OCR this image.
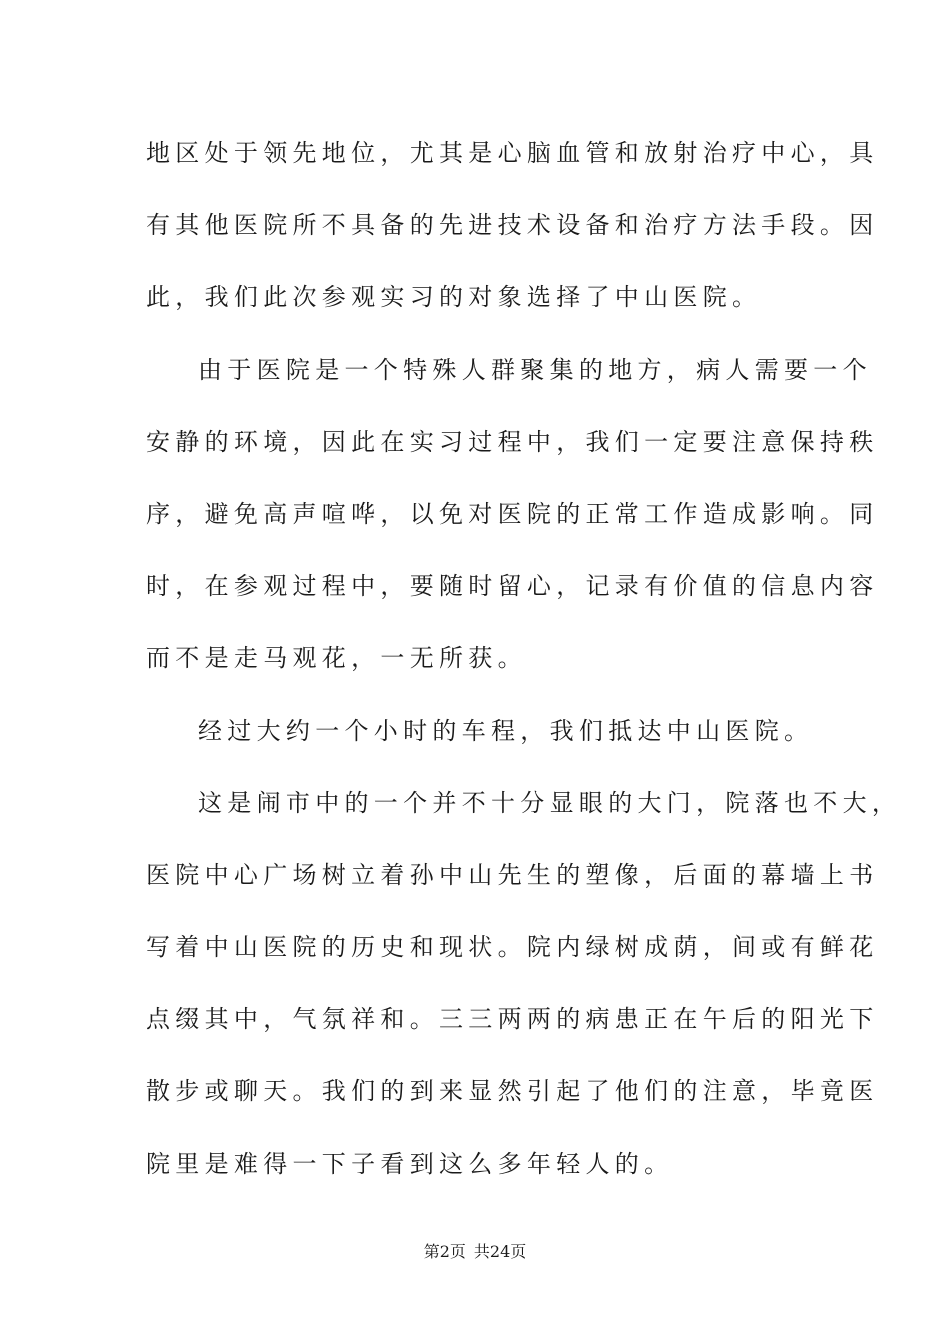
地区处于领先地位，尤其是心脑血管和放射治疗中心，具
有其他医院所不具备的先进技术设备和治疗方法手段。因
此，我们此次参观实习的对象选择了中山医院。
由于医院是一个特殊人群聚集的地方，病人需要一个
安静的环境，因此在实习过程中，我们一定要注意保持秩
序，避免高声喧哗，以免对医院的正常工作造成影响。同
时，在参观过程中，要随时留心，记录有价值的信息内容
而不是走马观花，一无所获。
经过大约一个小时的车程，我们抵达中山医院。
这是闹市中的一个并不十分显眼的大门，院落也不大，
医院中心广场树立着孙中山先生的塑像，后面的幕墙上书
写着中山医院的历史和现状。院内绿树成荫，间或有鲜花
点缀其中，气氛祥和。三三两两的病患正在午后的阳光下
散步或聊天。我们的到来显然引起了他们的注意，毕竟医
院里是难得一下子看到这么多年轻人的。
第2页 共24页
